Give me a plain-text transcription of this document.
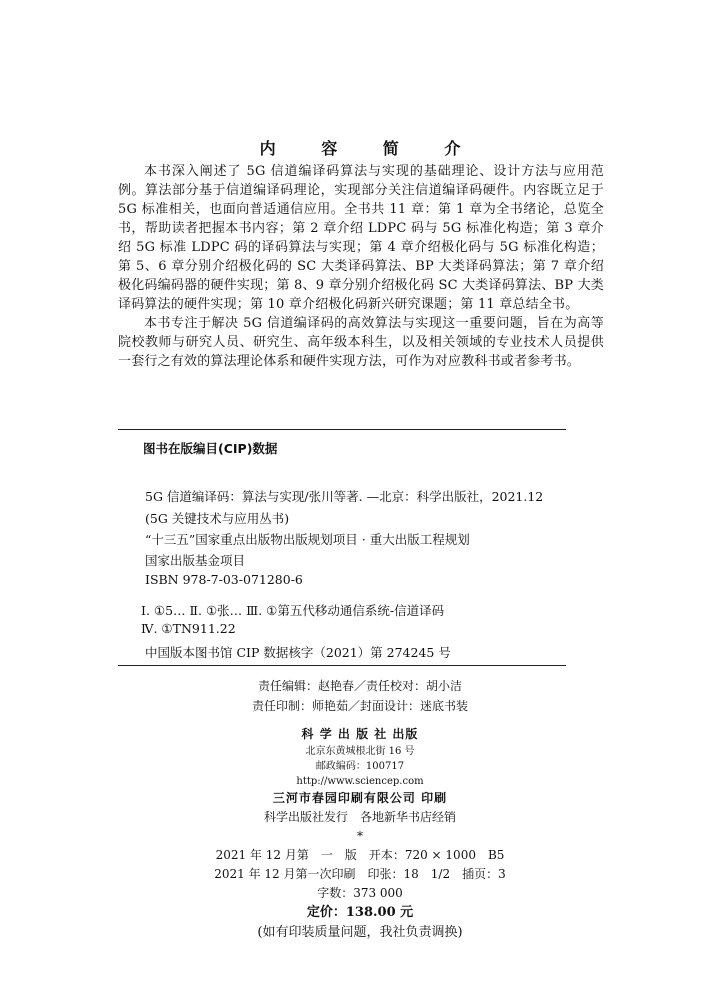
内 容 简 介

本书深入阐述了 5G 信道编译码算法与实现的基础理论、设计方法与应用范例。算法部分基于信道编译码理论，实现部分关注信道编译码硬件。内容既立足于 5G 标准相关，也面向普适通信应用。全书共 11 章：第 1 章为全书绪论，总览全书，帮助读者把握本书内容；第 2 章介绍 LDPC 码与 5G 标准化构造；第 3 章介绍 5G 标准 LDPC 码的译码算法与实现；第 4 章介绍极化码与 5G 标准化构造；第 5、6 章分别介绍极化码的 SC 大类译码算法、BP 大类译码算法；第 7 章介绍极化码编码器的硬件实现；第 8、9 章分别介绍极化码 SC 大类译码算法、BP 大类译码算法的硬件实现；第 10 章介绍极化码新兴研究课题；第 11 章总结全书。

本书专注于解决 5G 信道编译码的高效算法与实现这一重要问题，旨在为高等院校教师与研究人员、研究生、高年级本科生，以及相关领域的专业技术人员提供一套行之有效的算法理论体系和硬件实现方法，可作为对应教科书或者参考书。

图书在版编目(CIP)数据
5G 信道编译码：算法与实现/张川等著. —北京：科学出版社，2021.12
(5G 关键技术与应用丛书)
“十三五”国家重点出版物出版规划项目 · 重大出版工程规划
国家出版基金项目
ISBN 978-7-03-071280-6
Ⅰ. ①5… Ⅱ. ①张… Ⅲ. ①第五代移动通信系统-信道译码
Ⅳ. ①TN911.22
中国版本图书馆 CIP 数据核字（2021）第 274245 号
责任编辑：赵艳春／责任校对：胡小洁
责任印制：师艳茹／封面设计：迷底书装
科 学 出 版 社 出版
北京东黄城根北街 16 号
邮政编码：100717
http://www.sciencep.com
三河市春园印刷有限公司 印刷
科学出版社发行　各地新华书店经销
*
2021 年 12 月第　一　版　开本：720 × 1000　B5
2021 年 12 月第一次印刷　印张：18　1/2　插页：3
字数：373 000
定价：138.00 元
(如有印装质量问题，我社负责调换)
